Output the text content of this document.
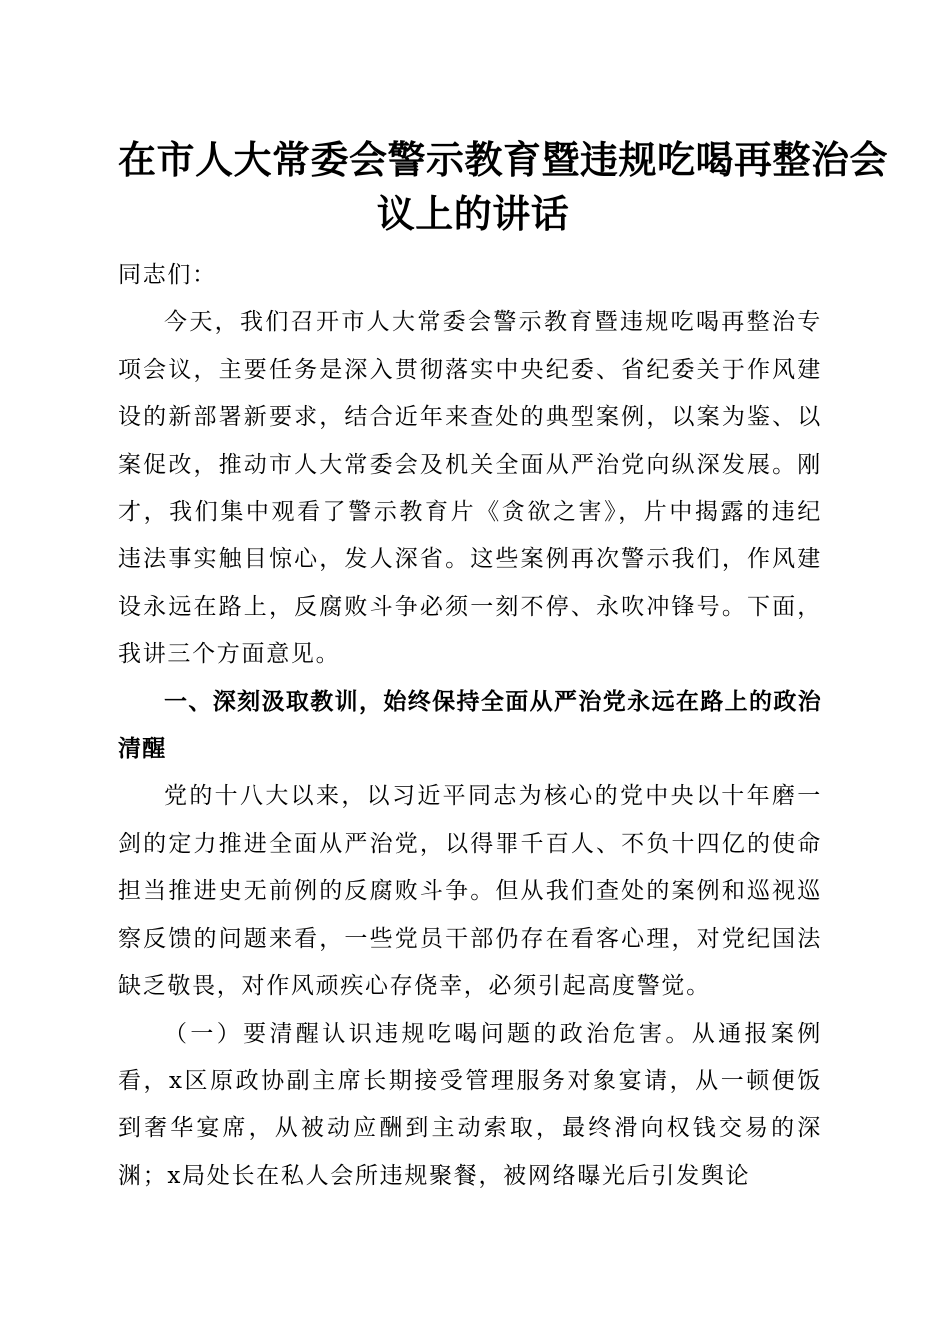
在市人大常委会警示教育暨违规吃喝再整治会
议上的讲话

同志们：

今天，我们召开市人大常委会警示教育暨违规吃喝再整治专项会议，主要任务是深入贯彻落实中央纪委、省纪委关于作风建设的新部署新要求，结合近年来查处的典型案例，以案为鉴、以案促改，推动市人大常委会及机关全面从严治党向纵深发展。刚才，我们集中观看了警示教育片《贪欲之害》，片中揭露的违纪违法事实触目惊心，发人深省。这些案例再次警示我们，作风建设永远在路上，反腐败斗争必须一刻不停、永吹冲锋号。下面，我讲三个方面意见。

一、深刻汲取教训，始终保持全面从严治党永远在路上的政治清醒

党的十八大以来，以习近平同志为核心的党中央以十年磨一剑的定力推进全面从严治党，以得罪千百人、不负十四亿的使命担当推进史无前例的反腐败斗争。但从我们查处的案例和巡视巡察反馈的问题来看，一些党员干部仍存在看客心理，对党纪国法缺乏敬畏，对作风顽疾心存侥幸，必须引起高度警觉。

（一）要清醒认识违规吃喝问题的政治危害。从通报案例看，x区原政协副主席长期接受管理服务对象宴请，从一顿便饭到奢华宴席，从被动应酬到主动索取，最终滑向权钱交易的深渊；x局处长在私人会所违规聚餐，被网络曝光后引发舆论
